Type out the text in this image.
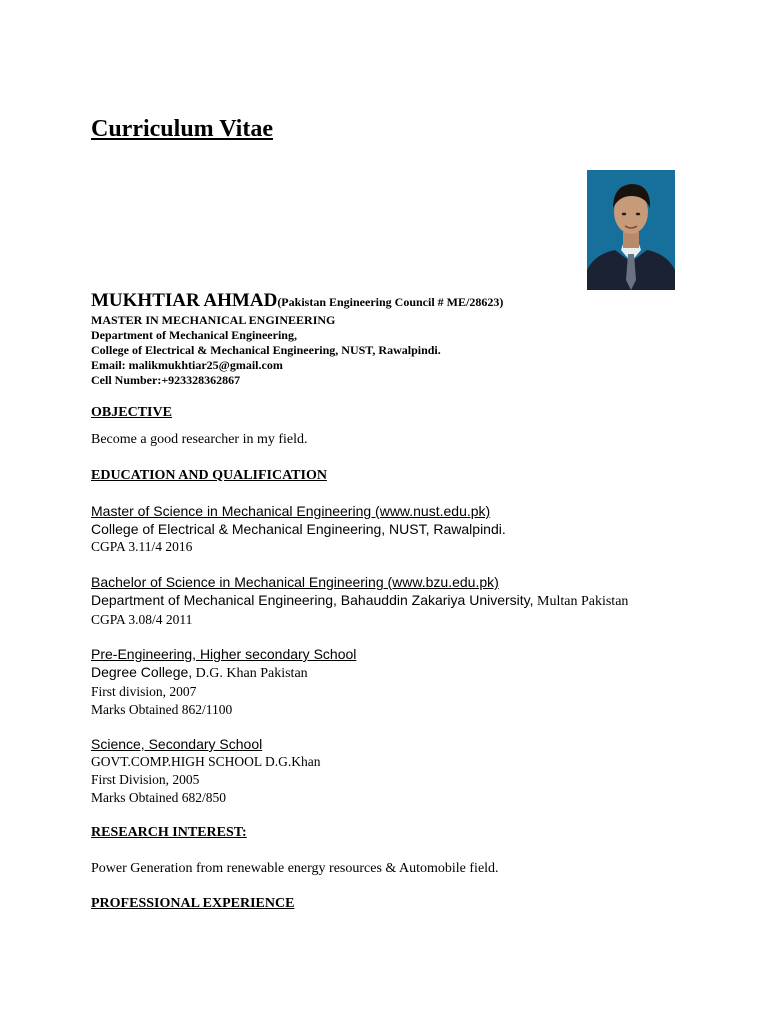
Curriculum Vitae
MUKHTIAR AHMAD(Pakistan Engineering Council # ME/28623)
MASTER IN MECHANICAL ENGINEERING
Department of Mechanical Engineering,
College of Electrical & Mechanical Engineering, NUST, Rawalpindi.
Email: malikmukhtiar25@gmail.com
Cell Number:+923328362867
OBJECTIVE
Become a good researcher in my field.
EDUCATION AND QUALIFICATION
Master of Science in Mechanical Engineering (www.nust.edu.pk)
College of Electrical & Mechanical Engineering, NUST, Rawalpindi.
CGPA 3.11/4 2016
Bachelor of Science in Mechanical Engineering (www.bzu.edu.pk)
Department of Mechanical Engineering, Bahauddin Zakariya University, Multan Pakistan
CGPA 3.08/4 2011
Pre-Engineering, Higher secondary School
Degree College, D.G. Khan Pakistan
First division, 2007
Marks Obtained 862/1100
Science, Secondary School
GOVT.COMP.HIGH SCHOOL D.G.Khan
First Division, 2005
Marks Obtained 682/850
RESEARCH INTEREST:
Power Generation from renewable energy resources & Automobile field.
PROFESSIONAL EXPERIENCE
